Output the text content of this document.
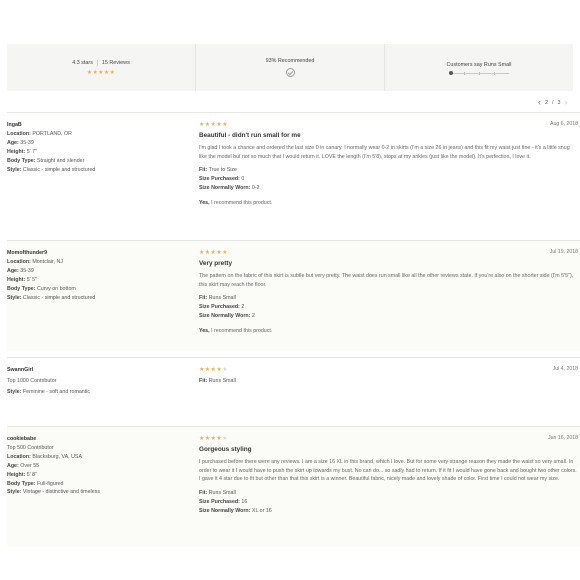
4.3 stars 15 Reviews
★★★★★
93% Recommended
Customers say Runs Small
‹ 2 / 3 ›
IngaB
Location: PORTLAND, OR
Age: 35-39
Height: 5' 7"
Body Type: Straight and slender
Style: Classic - simple and structured
★★★★★
Beautiful - didn't run small for me
I'm glad I took a chance and ordered the last size 0 in canary. I normally wear 0-2 in skirts (I'm a size 26 in jeans) and this fit my waist just fine - it's a little snug like the model but not so much that I would return it. LOVE the length (I'm 5'8), stops at my ankles (just like the model). It's perfection, I love it.
Fit: True to Size
Size Purchased: 0
Size Normally Worn: 0-2
Yes, I recommend this product.
Aug 6, 2018
Momofthunder9
Location: Montclair, NJ
Age: 35-39
Height: 5' 5"
Body Type: Curvy on bottom
Style: Classic - simple and structured
★★★★★
Very pretty
The pattern on the fabric of this skirt is subtle but very pretty. The waist does run small like all the other reviews state. If you're also on the shorter side (I'm 5'5"), this skirt may reach the floor.
Fit: Runs Small
Size Purchased: 2
Size Normally Worn: 2
Yes, I recommend this product.
Jul 19, 2018
SwannGirl
Top 1000 Contributor
Style: Feminine - soft and romantic
★★★★★
Fit: Runs Small
Jul 4, 2018
cookiebabe
Top 500 Contributor
Location: Blacksburg, VA, USA
Age: Over 55
Height: 5' 8"
Body Type: Full-figured
Style: Vintage - distinctive and timeless
★★★★★
Gorgeous styling
I purchased before there were any reviews. I am a size 16 XL in this brand, which I love. But for some very strange reason they made the waist so very small. In order to wear it I would have to push the skirt up towards my bust. No can do... so sadly had to return. If it fit I would have gone back and bought two other colors. I gave it 4 star due to fit but other than that this skirt is a winner. Beautiful fabric, nicely made and lovely shade of color. First time I could not wear my size.
Fit: Runs Small
Size Purchased: 16
Size Normally Worn: XL or 16
Jun 16, 2018
